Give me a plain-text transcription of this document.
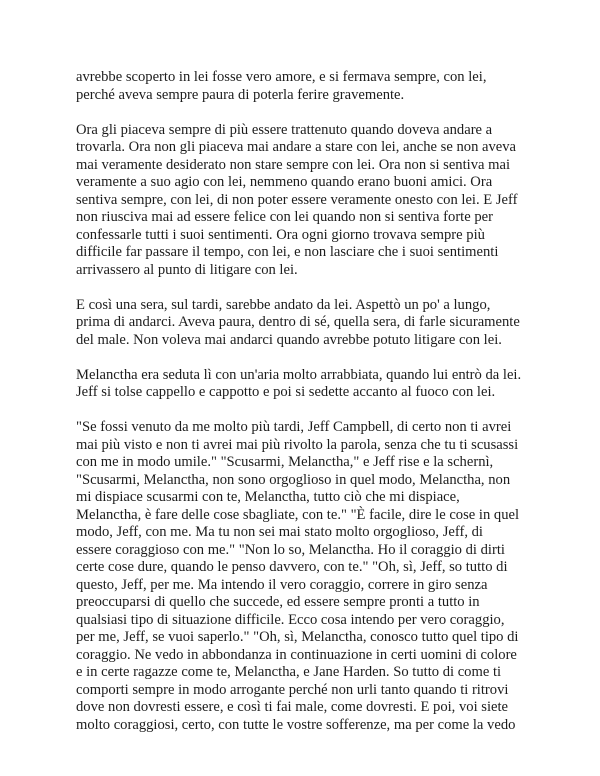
avrebbe scoperto in lei fosse vero amore, e si fermava sempre, con lei,
perché aveva sempre paura di poterla ferire gravemente.

Ora gli piaceva sempre di più essere trattenuto quando doveva andare a
trovarla. Ora non gli piaceva mai andare a stare con lei, anche se non aveva
mai veramente desiderato non stare sempre con lei. Ora non si sentiva mai
veramente a suo agio con lei, nemmeno quando erano buoni amici. Ora
sentiva sempre, con lei, di non poter essere veramente onesto con lei. E Jeff
non riusciva mai ad essere felice con lei quando non si sentiva forte per
confessarle tutti i suoi sentimenti. Ora ogni giorno trovava sempre più
difficile far passare il tempo, con lei, e non lasciare che i suoi sentimenti
arrivassero al punto di litigare con lei.

E così una sera, sul tardi, sarebbe andato da lei. Aspettò un po' a lungo,
prima di andarci. Aveva paura, dentro di sé, quella sera, di farle sicuramente
del male. Non voleva mai andarci quando avrebbe potuto litigare con lei.

Melanctha era seduta lì con un'aria molto arrabbiata, quando lui entrò da lei.
Jeff si tolse cappello e cappotto e poi si sedette accanto al fuoco con lei.

"Se fossi venuto da me molto più tardi, Jeff Campbell, di certo non ti avrei
mai più visto e non ti avrei mai più rivolto la parola, senza che tu ti scusassi
con me in modo umile." "Scusarmi, Melanctha," e Jeff rise e la schernì,
"Scusarmi, Melanctha, non sono orgoglioso in quel modo, Melanctha, non
mi dispiace scusarmi con te, Melanctha, tutto ciò che mi dispiace,
Melanctha, è fare delle cose sbagliate, con te." "È facile, dire le cose in quel
modo, Jeff, con me. Ma tu non sei mai stato molto orgoglioso, Jeff, di
essere coraggioso con me." "Non lo so, Melanctha. Ho il coraggio di dirti
certe cose dure, quando le penso davvero, con te." "Oh, sì, Jeff, so tutto di
questo, Jeff, per me. Ma intendo il vero coraggio, correre in giro senza
preoccuparsi di quello che succede, ed essere sempre pronti a tutto in
qualsiasi tipo di situazione difficile. Ecco cosa intendo per vero coraggio,
per me, Jeff, se vuoi saperlo." "Oh, sì, Melanctha, conosco tutto quel tipo di
coraggio. Ne vedo in abbondanza in continuazione in certi uomini di colore
e in certe ragazze come te, Melanctha, e Jane Harden. So tutto di come ti
comporti sempre in modo arrogante perché non urli tanto quando ti ritrovi
dove non dovresti essere, e così ti fai male, come dovresti. E poi, voi siete
molto coraggiosi, certo, con tutte le vostre sofferenze, ma per come la vedo
